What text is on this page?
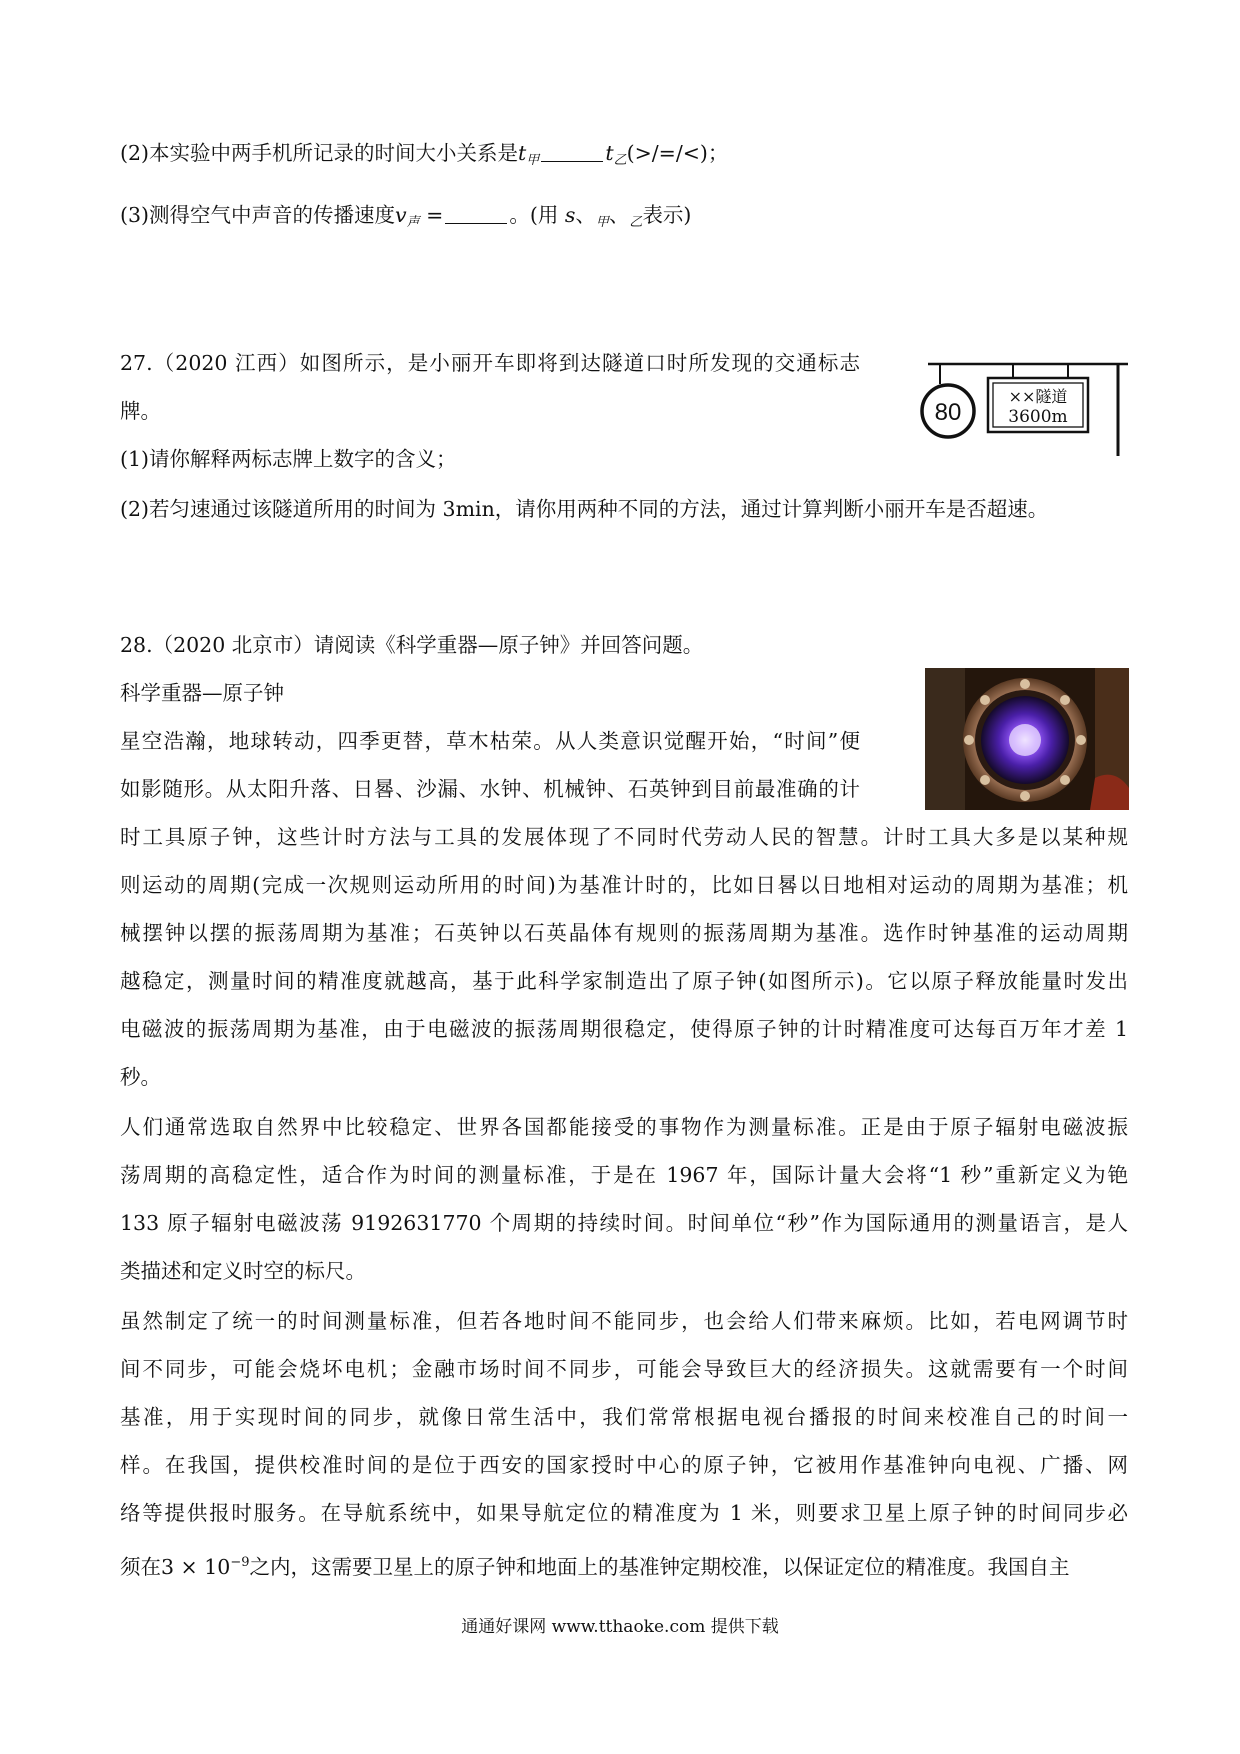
(2)本实验中两手机所记录的时间大小关系是$t_甲$	$t_乙(>/=/<)$；
(3)测得空气中声音的传播速度$v_声$ =	。(用 s、$_甲$、$_乙$表示)
27.（2020 江西）如图所示，是小丽开车即将到达隧道口时所发现的交通标志
牌。
(1)请你解释两标志牌上数字的含义；
(2)若匀速通过该隧道所用的时间为 3min，请你用两种不同的方法，通过计算判断小丽开车是否超速。
80
××隧道
3600m
28.（2020 北京市）请阅读《科学重器—原子钟》并回答问题。
科学重器—原子钟
星空浩瀚，地球转动，四季更替，草木枯荣。从人类意识觉醒开始，“时间”便
如影随形。从太阳升落、日晷、沙漏、水钟、机械钟、石英钟到目前最准确的计
时工具原子钟，这些计时方法与工具的发展体现了不同时代劳动人民的智慧。计时工具大多是以某种规
则运动的周期(完成一次规则运动所用的时间)为基准计时的，比如日晷以日地相对运动的周期为基准；机
械摆钟以摆的振荡周期为基准；石英钟以石英晶体有规则的振荡周期为基准。选作时钟基准的运动周期
越稳定，测量时间的精准度就越高，基于此科学家制造出了原子钟(如图所示)。它以原子释放能量时发出
电磁波的振荡周期为基准，由于电磁波的振荡周期很稳定，使得原子钟的计时精准度可达每百万年才差 1
秒。
人们通常选取自然界中比较稳定、世界各国都能接受的事物作为测量标准。正是由于原子辐射电磁波振
荡周期的高稳定性，适合作为时间的测量标准，于是在 1967 年，国际计量大会将“1 秒”重新定义为铯
133 原子辐射电磁波荡 9192631770 个周期的持续时间。时间单位“秒”作为国际通用的测量语言，是人
类描述和定义时空的标尺。
虽然制定了统一的时间测量标准，但若各地时间不能同步，也会给人们带来麻烦。比如，若电网调节时
间不同步，可能会烧坏电机；金融市场时间不同步，可能会导致巨大的经济损失。这就需要有一个时间
基准，用于实现时间的同步，就像日常生活中，我们常常根据电视台播报的时间来校准自己的时间一
样。在我国，提供校准时间的是位于西安的国家授时中心的原子钟，它被用作基准钟向电视、广播、网
络等提供报时服务。在导航系统中，如果导航定位的精准度为 1 米，则要求卫星上原子钟的时间同步必
须在$3 \times 10^{-9}$之内，这需要卫星上的原子钟和地面上的基准钟定期校准，以保证定位的精准度。我国自主
通通好课网 www.tthaoke.com 提供下载
